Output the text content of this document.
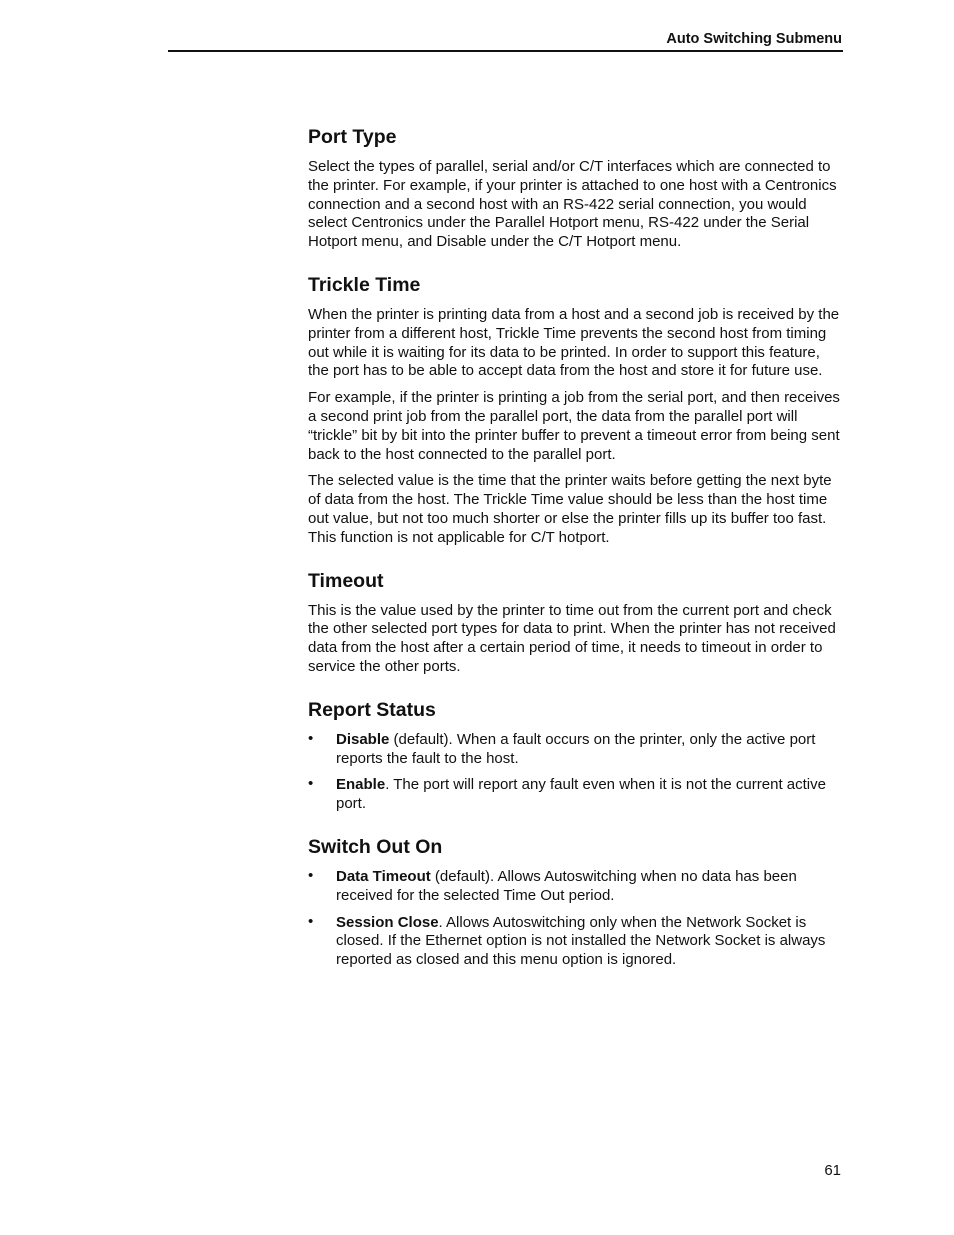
Auto Switching Submenu
Port Type

Select the types of parallel, serial and/or C/T interfaces which are connected to the printer. For example, if your printer is attached to one host with a Centronics connection and a second host with an RS-422 serial connection, you would select Centronics under the Parallel Hotport menu, RS-422 under the Serial Hotport menu, and Disable under the C/T Hotport menu.

Trickle Time

When the printer is printing data from a host and a second job is received by the printer from a different host, Trickle Time prevents the second host from timing out while it is waiting for its data to be printed. In order to support this feature, the port has to be able to accept data from the host and store it for future use.

For example, if the printer is printing a job from the serial port, and then receives a second print job from the parallel port, the data from the parallel port will “trickle” bit by bit into the printer buffer to prevent a timeout error from being sent back to the host connected to the parallel port.

The selected value is the time that the printer waits before getting the next byte of data from the host. The Trickle Time value should be less than the host time out value, but not too much shorter or else the printer fills up its buffer too fast. This function is not applicable for C/T hotport.

Timeout

This is the value used by the printer to time out from the current port and check the other selected port types for data to print. When the printer has not received data from the host after a certain period of time, it needs to timeout in order to service the other ports.

Report Status
• Disable (default). When a fault occurs on the printer, only the active port reports the fault to the host.
• Enable. The port will report any fault even when it is not the current active port.
Switch Out On
• Data Timeout (default). Allows Autoswitching when no data has been received for the selected Time Out period.
• Session Close. Allows Autoswitching only when the Network Socket is closed. If the Ethernet option is not installed the Network Socket is always reported as closed and this menu option is ignored.
61
